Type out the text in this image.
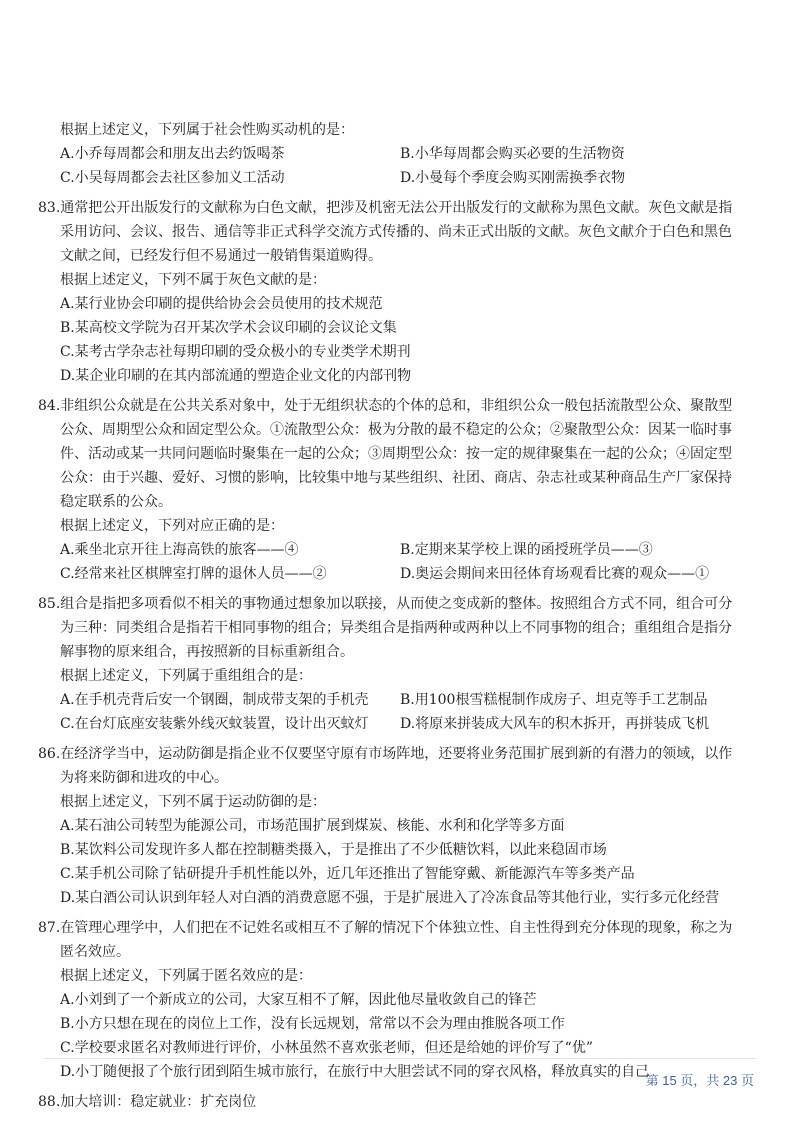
根据上述定义，下列属于社会性购买动机的是：
A.小乔每周都会和朋友出去约饭喝茶	B.小华每周都会购买必要的生活物资
C.小吴每周都会去社区参加义工活动	D.小曼每个季度会购买刚需换季衣物
83.通常把公开出版发行的文献称为白色文献，把涉及机密无法公开出版发行的文献称为黑色文献。灰色文献是指
采用访问、会议、报告、通信等非正式科学交流方式传播的、尚未正式出版的文献。灰色文献介于白色和黑色
文献之间，已经发行但不易通过一般销售渠道购得。
根据上述定义，下列不属于灰色文献的是：
A.某行业协会印刷的提供给协会会员使用的技术规范
B.某高校文学院为召开某次学术会议印刷的会议论文集
C.某考古学杂志社每期印刷的受众极小的专业类学术期刊
D.某企业印刷的在其内部流通的塑造企业文化的内部刊物
84.非组织公众就是在公共关系对象中，处于无组织状态的个体的总和，非组织公众一般包括流散型公众、聚散型
公众、周期型公众和固定型公众。①流散型公众：极为分散的最不稳定的公众；②聚散型公众：因某一临时事
件、活动或某一共同问题临时聚集在一起的公众；③周期型公众：按一定的规律聚集在一起的公众；④固定型
公众：由于兴趣、爱好、习惯的影响，比较集中地与某些组织、社团、商店、杂志社或某种商品生产厂家保持
稳定联系的公众。
根据上述定义，下列对应正确的是：
A.乘坐北京开往上海高铁的旅客——④	B.定期来某学校上课的函授班学员——③
C.经常来社区棋牌室打牌的退休人员——②	D.奥运会期间来田径体育场观看比赛的观众——①
85.组合是指把多项看似不相关的事物通过想象加以联接，从而使之变成新的整体。按照组合方式不同，组合可分
为三种：同类组合是指若干相同事物的组合；异类组合是指两种或两种以上不同事物的组合；重组组合是指分
解事物的原来组合，再按照新的目标重新组合。
根据上述定义，下列属于重组组合的是：
A.在手机壳背后安一个钢圈，制成带支架的手机壳	B.用100根雪糕棍制作成房子、坦克等手工艺制品
C.在台灯底座安装紫外线灭蚊装置，设计出灭蚊灯	D.将原来拼装成大风车的积木拆开，再拼装成飞机
86.在经济学当中，运动防御是指企业不仅要坚守原有市场阵地，还要将业务范围扩展到新的有潜力的领域，以作
为将来防御和进攻的中心。
根据上述定义，下列不属于运动防御的是：
A.某石油公司转型为能源公司，市场范围扩展到煤炭、核能、水利和化学等多方面
B.某饮料公司发现许多人都在控制糖类摄入，于是推出了不少低糖饮料，以此来稳固市场
C.某手机公司除了钻研提升手机性能以外，近几年还推出了智能穿戴、新能源汽车等多类产品
D.某白酒公司认识到年轻人对白酒的消费意愿不强，于是扩展进入了冷冻食品等其他行业，实行多元化经营
87.在管理心理学中，人们把在不记姓名或相互不了解的情况下个体独立性、自主性得到充分体现的现象，称之为
匿名效应。
根据上述定义，下列属于匿名效应的是：
A.小刘到了一个新成立的公司，大家互相不了解，因此他尽量收敛自己的锋芒
B.小方只想在现在的岗位上工作，没有长远规划，常常以不会为理由推脱各项工作
C.学校要求匿名对教师进行评价，小林虽然不喜欢张老师，但还是给她的评价写了“优”
D.小丁随便报了个旅行团到陌生城市旅行，在旅行中大胆尝试不同的穿衣风格，释放真实的自己
88.加大培训：稳定就业：扩充岗位
第 15 页，共 23 页
